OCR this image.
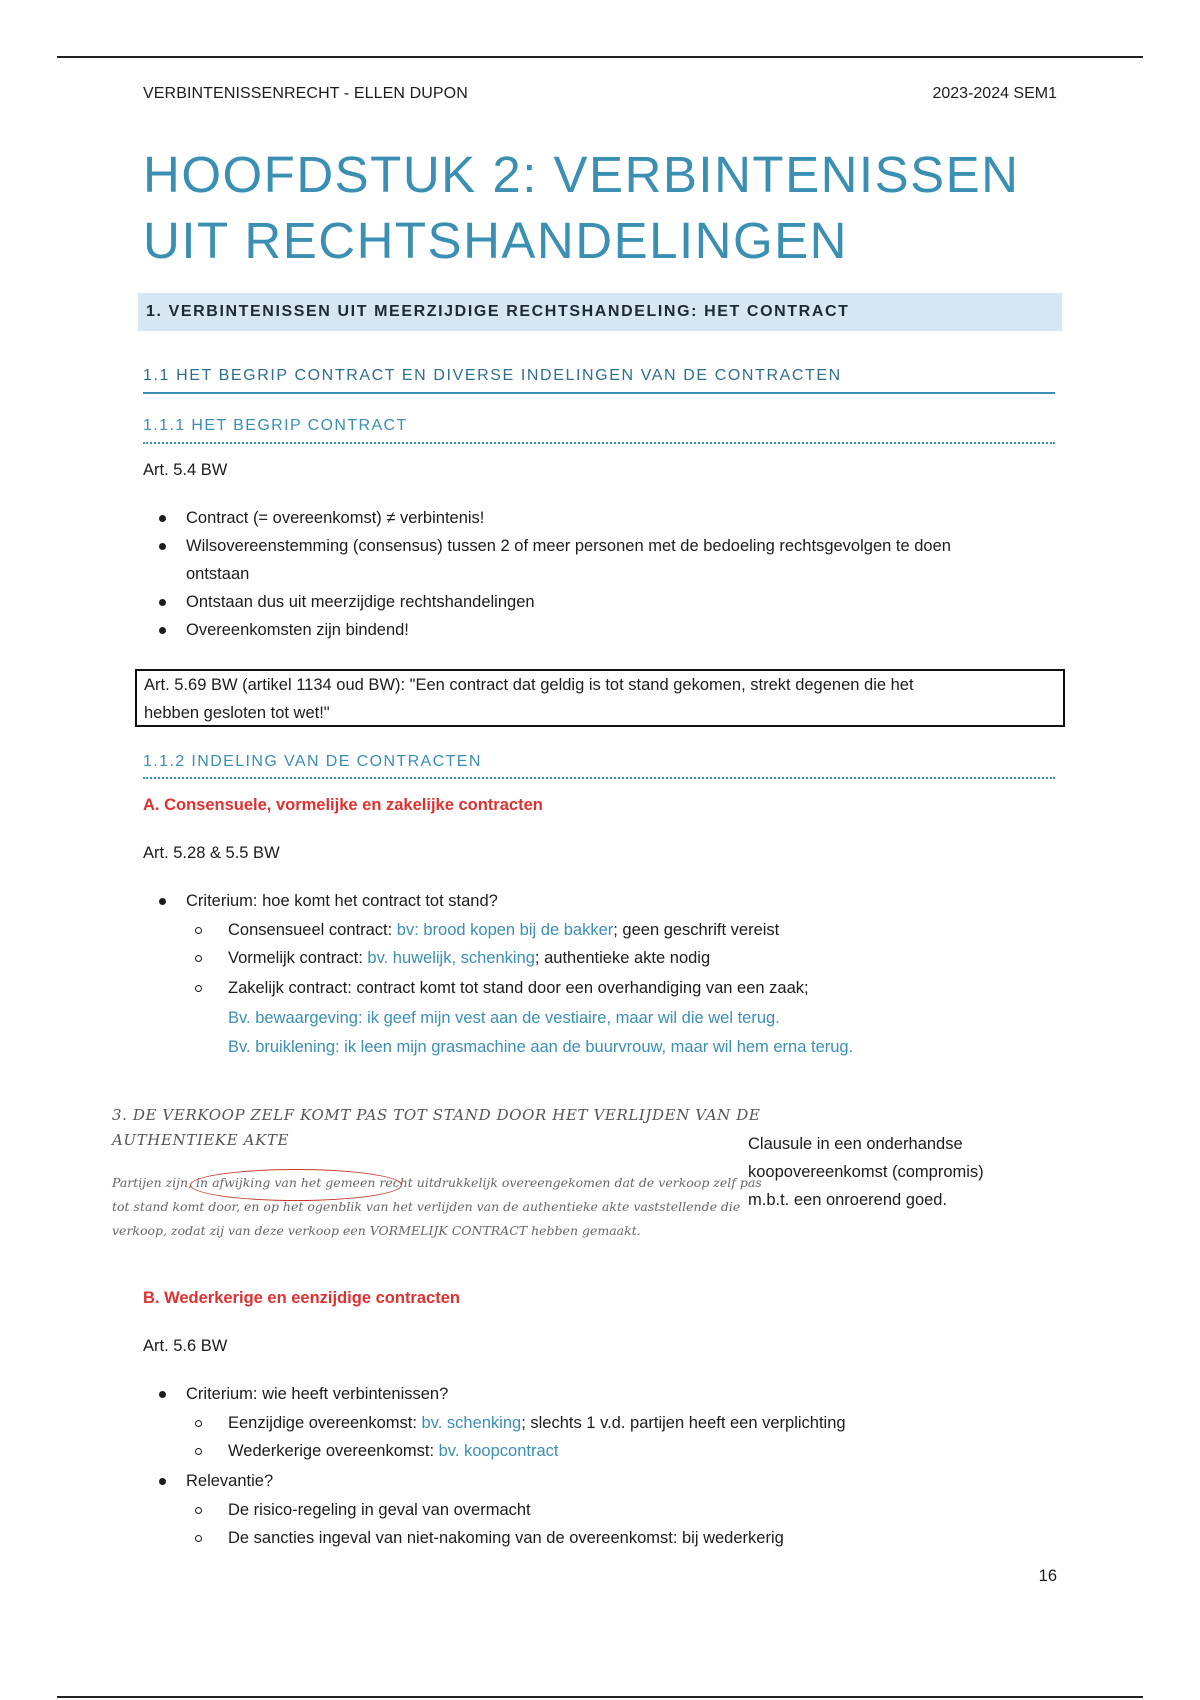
VERBINTENISSENRECHT - ELLEN DUPON	2023-2024 SEM1
HOOFDSTUK 2: VERBINTENISSEN
UIT RECHTSHANDELINGEN
1. VERBINTENISSEN UIT MEERZIJDIGE RECHTSHANDELING: HET CONTRACT
1.1 HET BEGRIP CONTRACT EN DIVERSE INDELINGEN VAN DE CONTRACTEN
1.1.1 HET BEGRIP CONTRACT
Art. 5.4 BW
Contract (= overeenkomst) ≠ verbintenis!
Wilsovereenstemming (consensus) tussen 2 of meer personen met de bedoeling rechtsgevolgen te doen
ontstaan
Ontstaan dus uit meerzijdige rechtshandelingen
Overeenkomsten zijn bindend!
Art. 5.69 BW (artikel 1134 oud BW): "Een contract dat geldig is tot stand gekomen, strekt degenen die het
hebben gesloten tot wet!"
1.1.2 INDELING VAN DE CONTRACTEN
A. Consensuele, vormelijke en zakelijke contracten
Art. 5.28 & 5.5 BW
Criterium: hoe komt het contract tot stand?
Consensueel contract: bv: brood kopen bij de bakker; geen geschrift vereist
Vormelijk contract: bv. huwelijk, schenking; authentieke akte nodig
Zakelijk contract: contract komt tot stand door een overhandiging van een zaak;
Bv. bewaargeving: ik geef mijn vest aan de vestiaire, maar wil die wel terug.
Bv. bruiklening: ik leen mijn grasmachine aan de buurvrouw, maar wil hem erna terug.
3. DE VERKOOP ZELF KOMT PAS TOT STAND DOOR HET VERLIJDEN VAN DE
AUTHENTIEKE AKTE
Partijen zijn, in afwijking van het gemeen recht uitdrukkelijk overeengekomen dat de verkoop zelf pas
tot stand komt door, en op het ogenblik van het verlijden van de authentieke akte vaststellende die
verkoop, zodat zij van deze verkoop een VORMELIJK CONTRACT hebben gemaakt.
Clausule in een onderhandse
koopovereenkomst (compromis)
m.b.t. een onroerend goed.
B. Wederkerige en eenzijdige contracten
Art. 5.6 BW
Criterium: wie heeft verbintenissen?
Eenzijdige overeenkomst: bv. schenking; slechts 1 v.d. partijen heeft een verplichting
Wederkerige overeenkomst: bv. koopcontract
Relevantie?
De risico-regeling in geval van overmacht
De sancties ingeval van niet-nakoming van de overeenkomst: bij wederkerig
16
